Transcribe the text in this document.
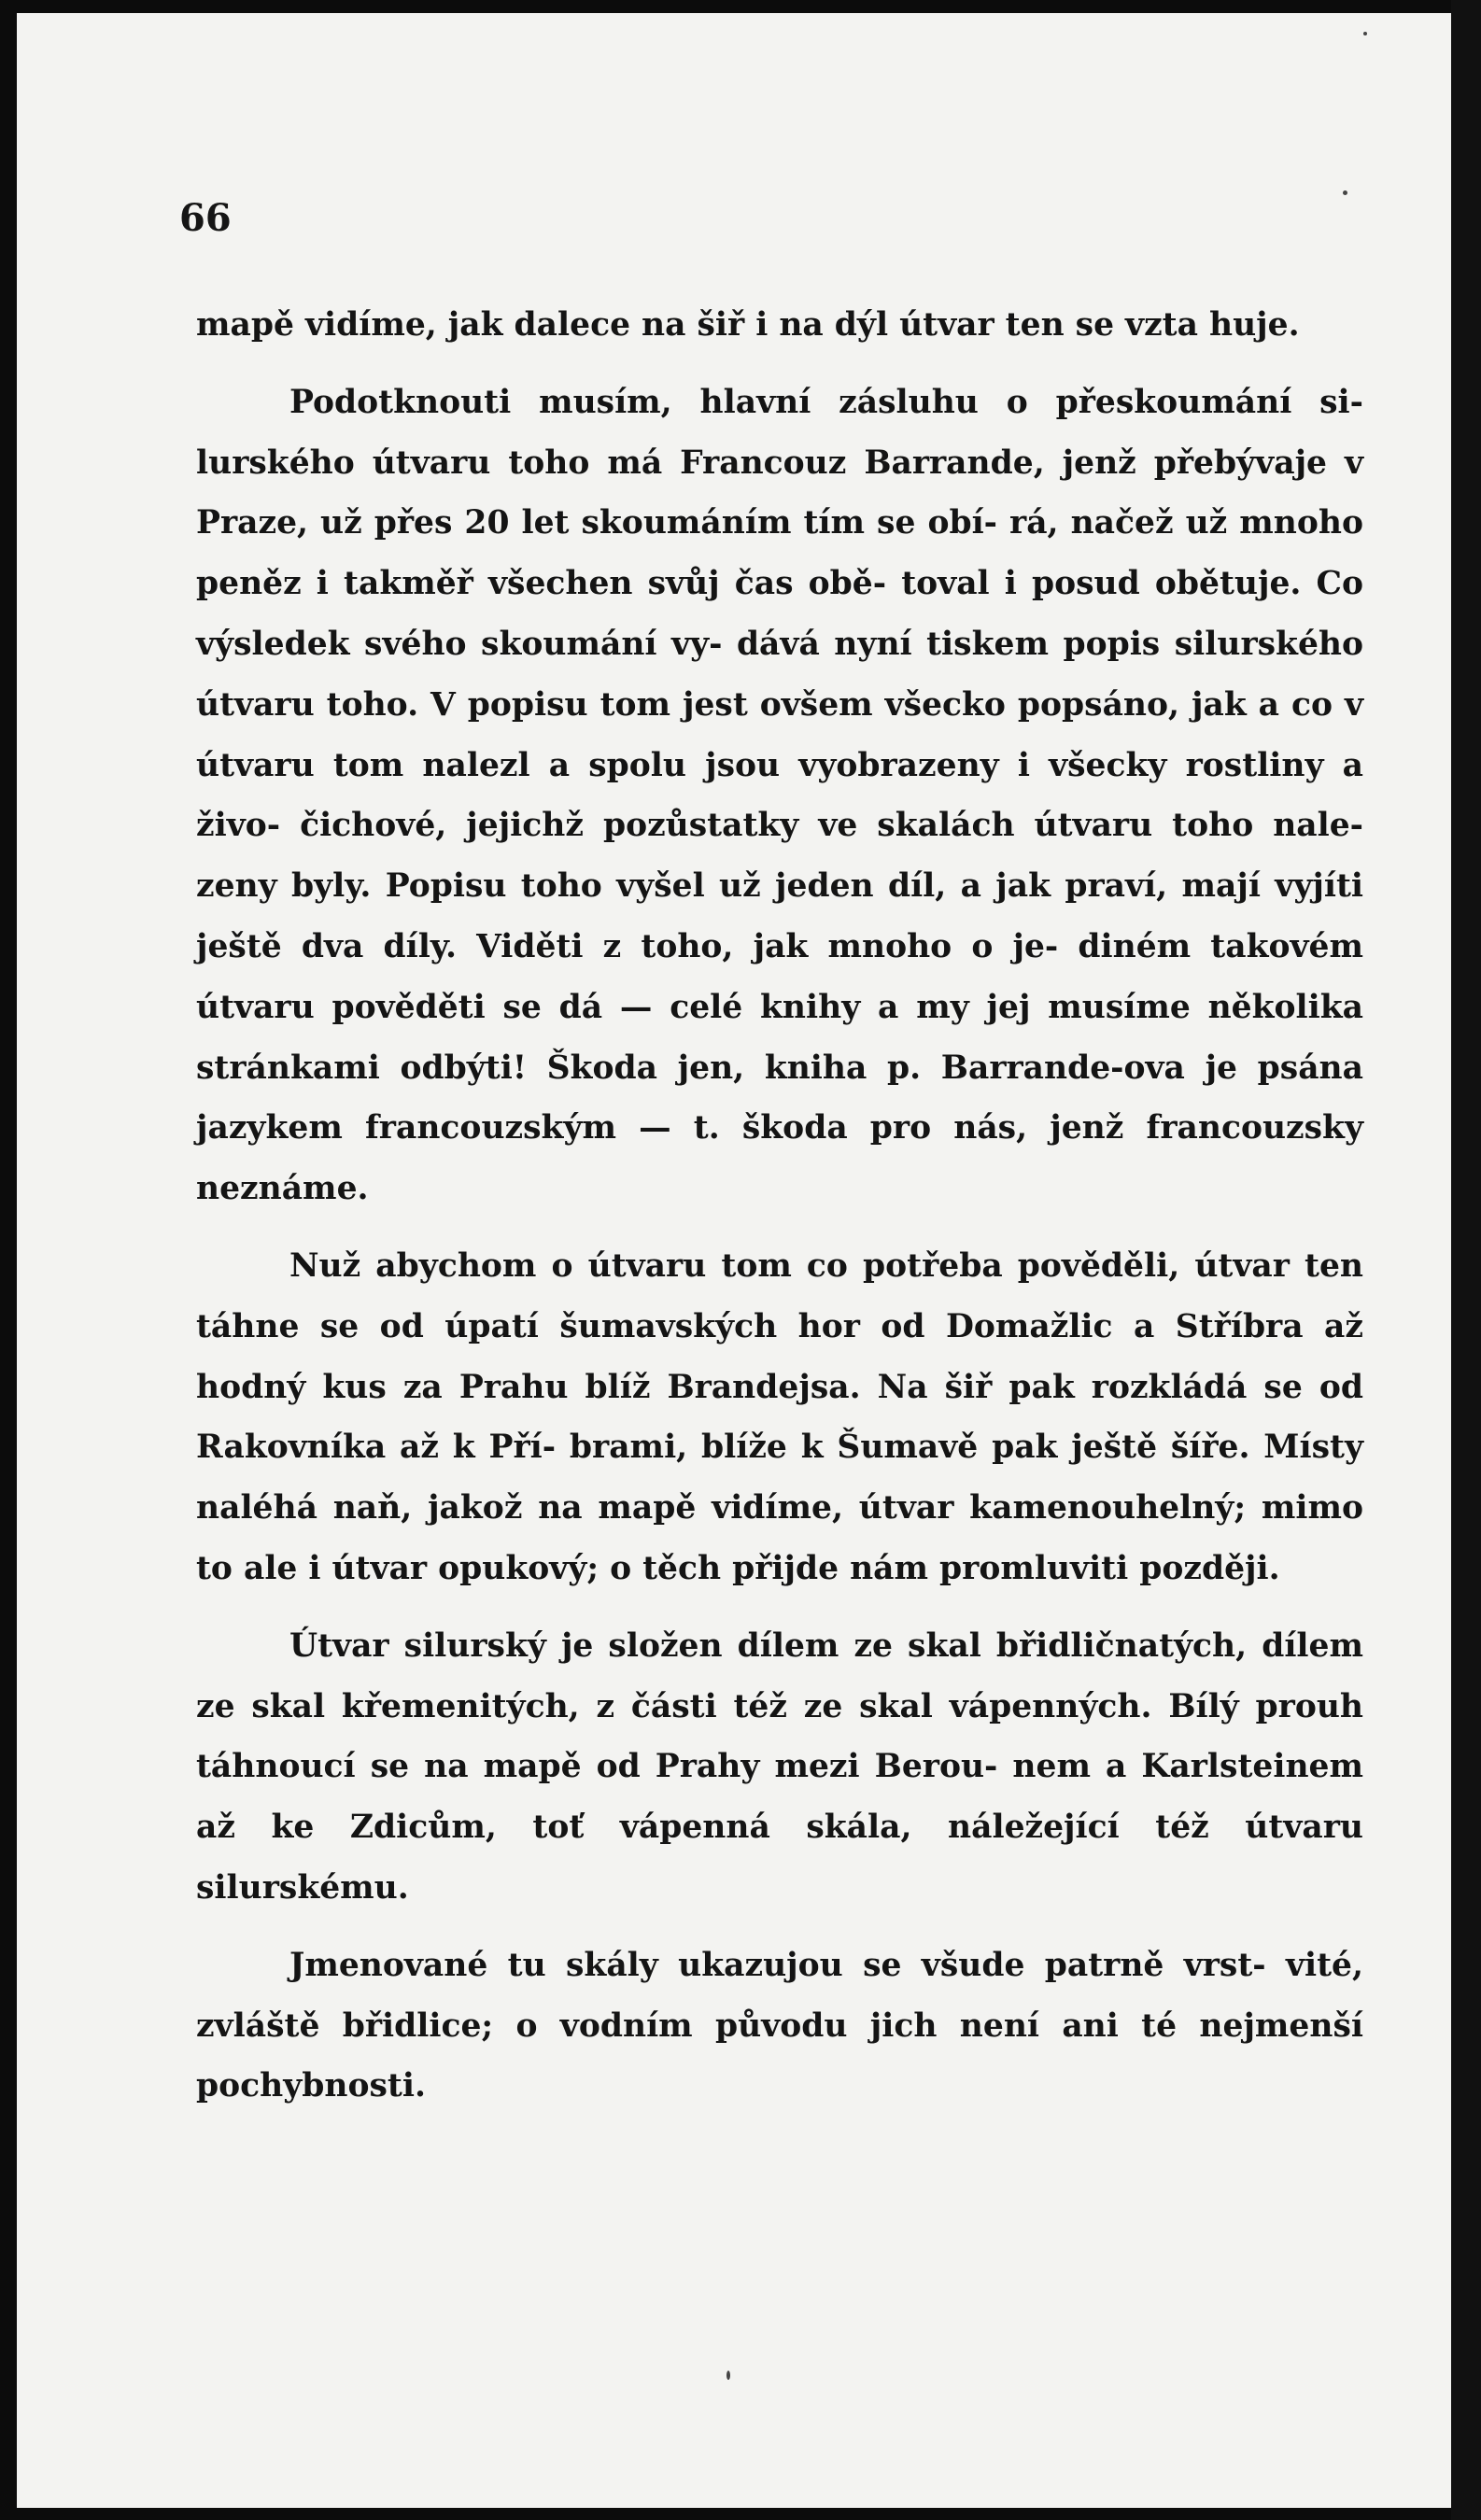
66

mapě vidíme, jak dalece na šiř i na dýl útvar ten se vzta huje.

Podotknouti musím, hlavní zásluhu o přeskoumání si- lurského útvaru toho má Francouz Barrande, jenž přebývaje v Praze, už přes 20 let skoumáním tím se obí- rá, načež už mnoho peněz i takměř všechen svůj čas obě- toval i posud obětuje. Co výsledek svého skoumání vy- dává nyní tiskem popis silurského útvaru toho. V popisu tom jest ovšem všecko popsáno, jak a co v útvaru tom nalezl a spolu jsou vyobrazeny i všecky rostliny a živo- čichové, jejichž pozůstatky ve skalách útvaru toho nale- zeny byly. Popisu toho vyšel už jeden díl, a jak praví, mají vyjíti ještě dva díly. Viděti z toho, jak mnoho o je- diném takovém útvaru pověděti se dá — celé knihy a my jej musíme několika stránkami odbýti! Škoda jen, kniha p. Barrande-ova je psána jazykem francouzským — t. škoda pro nás, jenž francouzsky neznáme.

Nuž abychom o útvaru tom co potřeba pověděli, útvar ten táhne se od úpatí šumavských hor od Domažlic a Stříbra až hodný kus za Prahu blíž Brandejsa. Na šiř pak rozkládá se od Rakovníka až k Pří- brami, blíže k Šumavě pak ještě šíře. Místy naléhá naň, jakož na mapě vidíme, útvar kamenouhelný; mimo to ale i útvar opukový; o těch přijde nám promluviti později.

Útvar silurský je složen dílem ze skal břidličnatých, dílem ze skal křemenitých, z části též ze skal vápenných. Bílý prouh táhnoucí se na mapě od Prahy mezi Berou- nem a Karlsteinem až ke Zdicům, toť vápenná skála, náležející též útvaru silurskému.

Jmenované tu skály ukazujou se všude patrně vrst- vité, zvláště břidlice; o vodním původu jich není ani té nejmenší pochybnosti.
